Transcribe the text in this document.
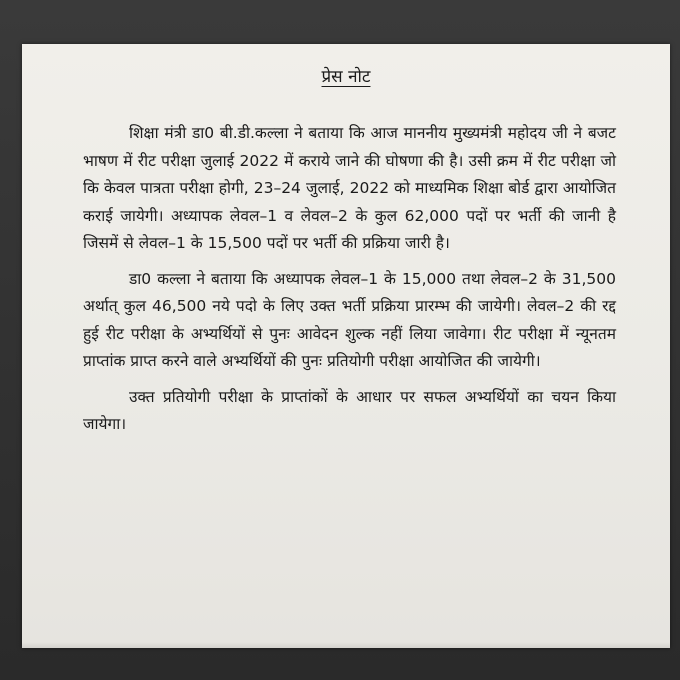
प्रेस नोट

शिक्षा मंत्री डा0 बी.डी.कल्ला ने बताया कि आज माननीय मुख्यमंत्री महोदय जी ने बजट भाषण में रीट परीक्षा जुलाई 2022 में कराये जाने की घोषणा की है। उसी क्रम में रीट परीक्षा जो कि केवल पात्रता परीक्षा होगी, 23–24 जुलाई, 2022 को माध्यमिक शिक्षा बोर्ड द्वारा आयोजित कराई जायेगी। अध्यापक लेवल–1 व लेवल–2 के कुल 62,000 पदों पर भर्ती की जानी है जिसमें से लेवल–1 के 15,500 पदों पर भर्ती की प्रक्रिया जारी है।

डा0 कल्ला ने बताया कि अध्यापक लेवल–1 के 15,000 तथा लेवल–2 के 31,500 अर्थात् कुल 46,500 नये पदो के लिए उक्त भर्ती प्रक्रिया प्रारम्भ की जायेगी। लेवल–2 की रद्द हुई रीट परीक्षा के अभ्यर्थियों से पुनः आवेदन शुल्क नहीं लिया जावेगा। रीट परीक्षा में न्यूनतम प्राप्तांक प्राप्त करने वाले अभ्यर्थियों की पुनः प्रतियोगी परीक्षा आयोजित की जायेगी।

उक्त प्रतियोगी परीक्षा के प्राप्तांकों के आधार पर सफल अभ्यर्थियों का चयन किया जायेगा।
